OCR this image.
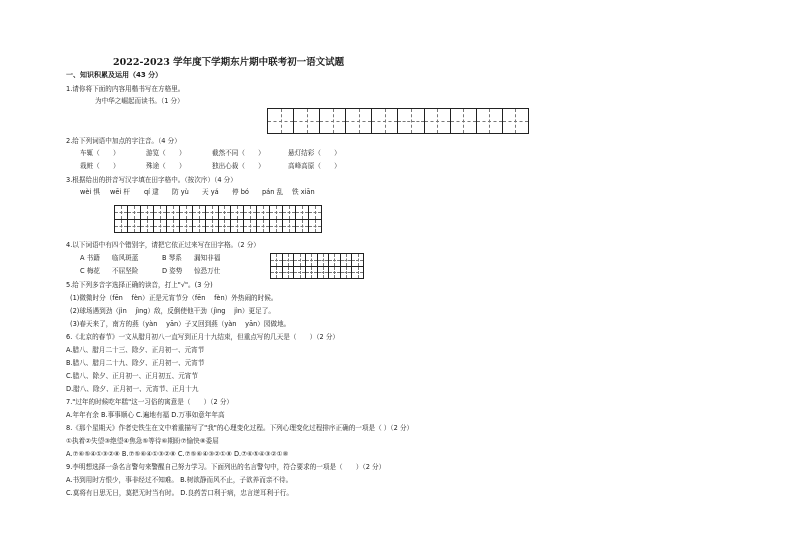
2022-2023 学年度下学期东片期中联考初一语文试题
一、知识积累及运用（43 分）
1.请你将下面的内容用楷书写在方格里。
为中华之崛起而读书。（1 分）
2.给下列词语中加点的字注音。（4 分）
车辄（　　）	游览（　　）	截然不同（　　）	悬灯结彩（　　）
栽赃（　　）	殊途（　　）	独出心裁（　　）	高峰高原（　　）
3.根据给出的拼音写汉字填在田字格中。（按次序）（4 分）
wèi 惧 wēi 杆 qí 逮 防 yù 天 yá 停 bó pán 乱 铁 xiān
4.以下词语中有四个错别字，请把它依正过来写在田字格。（2 分）
A 书籍 临风斑蓝	B 琴系 漏知非福
C 梅花 不屈坚险	D 姿势 惊恐万仕
5.给下列多音字选择正确的读音，打上"√"。(3 分)
(1)微微时分（fēn　 fèn）正是元宵节分（fēn　 fèn）外热闹的时候。
(2)球场遇到劲（jìn　 jìng）敌，反倒使他干劲（jìng　 jìn）更足了。
(3)春天来了，南方的燕（yàn　 yān）子又回到燕（yàn　 yān）园做地。
6.《北京的春节》一文从腊月初八一直写到正月十九结束，但重点写的几天是（　　）（2 分）
A.腊八、腊月二十三、除夕、正月初一、元宵节
B.腊八、腊月二十九、除夕、正月初一、元宵节
C.腊八、除夕、正月初一、正月初五、元宵节
D.腊八、除夕、正月初一、元宵节、正月十九
7."过年的时候吃年糕"这一习俗的寓意是（　　）（2 分）
A.年年有余 B.事事顺心 C.遍地有福 D.万事如意年年高
8.《那个星期天》作者史铁生在文中着重描写了"我"的心理变化过程。下列心理变化过程排序正确的一项是（ ）（2 分）
①执着②失望③绝望④焦急⑤等待⑥期盼⑦愉快⑧委屈
A.⑦⑥⑤④①③②⑧ B.⑦⑤⑥④①③②⑧ C.⑦⑤⑥④③②①⑧ D.⑦⑥⑤④③②①⑧
9.李明想选择一条名言警句来警醒自己努力学习。下面列出的名言警句中，符合要求的一项是（　　）（2 分）
A.书到用时方恨少，事非经过不知难。 B.树欲静而风不止，子欲养而亲不待。
C.莫将有日思无日，莫把无时当有时。 D.良药苦口利于病，忠言逆耳利于行。
